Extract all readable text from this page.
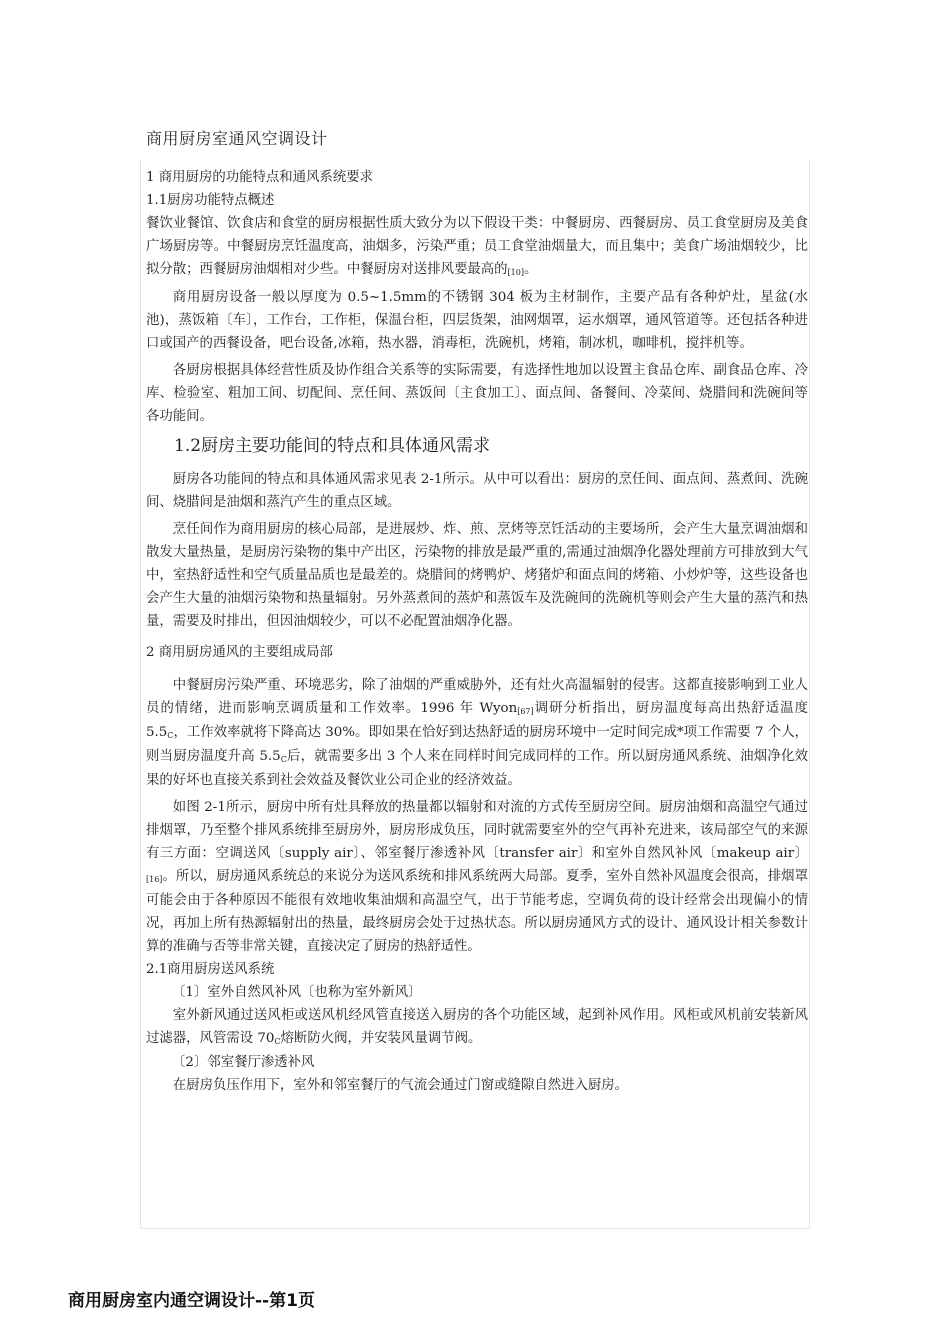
商用厨房室通风空调设计

1 商用厨房的功能特点和通风系统要求

1.1厨房功能特点概述

餐饮业餐馆、饮食店和食堂的厨房根据性质大致分为以下假设干类：中餐厨房、西餐厨房、员工食堂厨房及美食广场厨房等。中餐厨房烹饪温度高，油烟多，污染严重；员工食堂油烟量大，而且集中；美食广场油烟较少，比拟分散；西餐厨房油烟相对少些。中餐厨房对送排风要最高的$_{[10]}$。

商用厨房设备一般以厚度为 0.5~1.5mm的不锈钢 304 板为主材制作，主要产品有各种炉灶，星盆(水池)，蒸饭箱〔车〕，工作台，工作柜，保温台柜，四层货架，油网烟罩，运水烟罩，通风管道等。还包括各种进口或国产的西餐设备，吧台设备,冰箱，热水器，消毒柜，洗碗机，烤箱，制冰机，咖啡机，搅拌机等。

各厨房根据具体经营性质及协作组合关系等的实际需要，有选择性地加以设置主食品仓库、副食品仓库、冷库、检验室、粗加工间、切配间、烹任间、蒸饭间〔主食加工〕、面点间、备餐间、冷菜间、烧腊间和洗碗间等各功能间。

1.2厨房主要功能间的特点和具体通风需求

厨房各功能间的特点和具体通风需求见表 2-1所示。从中可以看出：厨房的烹任间、面点间、蒸煮间、洗碗间、烧腊间是油烟和蒸汽产生的重点区域。

烹任间作为商用厨房的核心局部，是进展炒、炸、煎、烹烤等烹饪活动的主要场所，会产生大量烹调油烟和散发大量热量，是厨房污染物的集中产出区，污染物的排放是最严重的,需通过油烟净化器处理前方可排放到大气中，室热舒适性和空气质量品质也是最差的。烧腊间的烤鸭炉、烤猪炉和面点间的烤箱、小炒炉等，这些设备也会产生大量的油烟污染物和热量辐射。另外蒸煮间的蒸炉和蒸饭车及洗碗间的洗碗机等则会产生大量的蒸汽和热量，需要及时排出，但因油烟较少，可以不必配置油烟净化器。

2 商用厨房通风的主要组成局部

中餐厨房污染严重、环境恶劣，除了油烟的严重威胁外，还有灶火高温辐射的侵害。这都直接影响到工业人员的情绪，进而影响烹调质量和工作效率。1996 年 Wyon$_{[67]}$调研分析指出，厨房温度每高出热舒适温度 $5.5_C$，工作效率就将下降高达 30%。即如果在恰好到达热舒适的厨房环境中一定时间完成*项工作需要 7 个人，则当厨房温度升高 $5.5_C$后，就需要多出 3 个人来在同样时间完成同样的工作。所以厨房通风系统、油烟净化效果的好坏也直接关系到社会效益及餐饮业公司企业的经济效益。

如图 2-1所示，厨房中所有灶具释放的热量都以辐射和对流的方式传至厨房空间。厨房油烟和高温空气通过排烟罩，乃至整个排风系统排至厨房外，厨房形成负压，同时就需要室外的空气再补充进来，该局部空气的来源有三方面：空调送风〔supply air〕、邻室餐厅渗透补风〔transfer air〕和室外自然风补风〔makeup air〕$_{[16]}$。所以，厨房通风系统总的来说分为送风系统和排风系统两大局部。夏季，室外自然补风温度会很高，排烟罩可能会由于各种原因不能很有效地收集油烟和高温空气，出于节能考虑，空调负荷的设计经常会出现偏小的情况，再加上所有热源辐射出的热量，最终厨房会处于过热状态。所以厨房通风方式的设计、通风设计相关参数计算的准确与否等非常关键，直接决定了厨房的热舒适性。

2.1商用厨房送风系统

〔1〕室外自然风补风〔也称为室外新风〕

室外新风通过送风柜或送风机经风管直接送入厨房的各个功能区域，起到补风作用。风柜或风机前安装新风过滤器，风管需设 $70_C$熔断防火阀，并安装风量调节阀。

〔2〕邻室餐厅渗透补风

在厨房负压作用下，室外和邻室餐厅的气流会通过门窗或缝隙自然进入厨房。

商用厨房室内通空调设计--第1页
